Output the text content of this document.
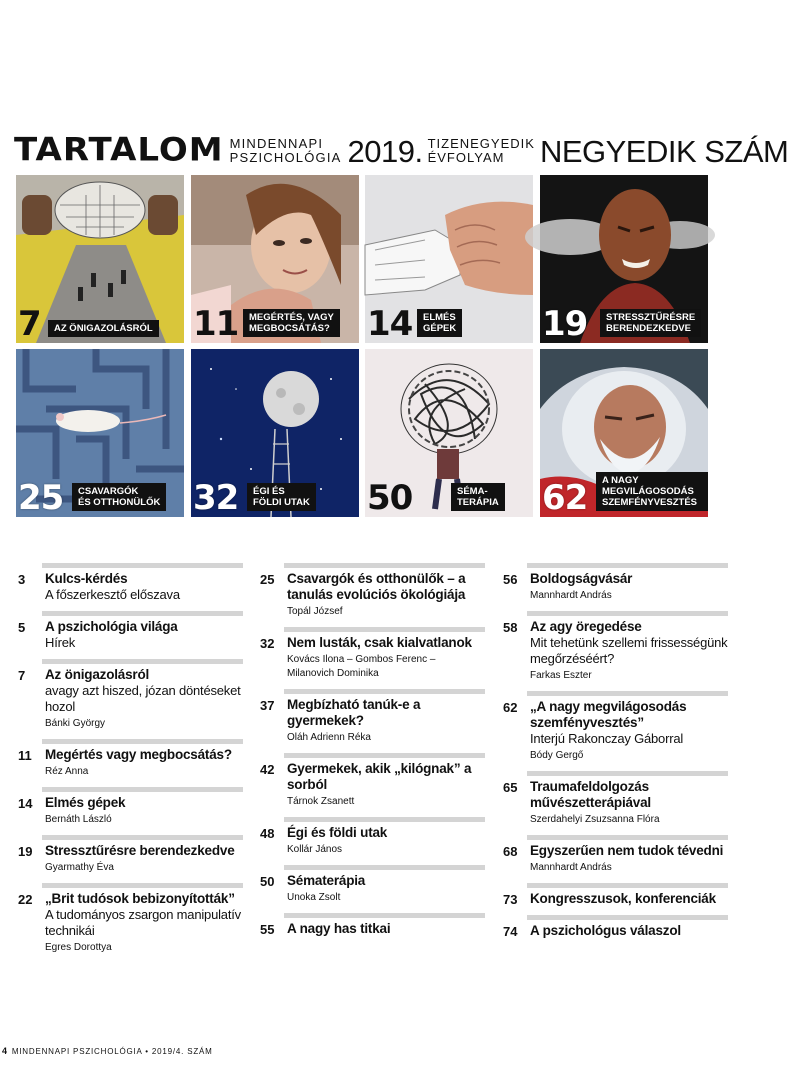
TARTALOM MINDENNAPI
PSZICHOLÓGIA 2019. TIZENEGYEDIK
ÉVFOLYAM	NEGYEDIK SZÁM
7	AZ ÖNIGAZOLÁSRÓL 11	MEGÉRTÉS, VAGY
MEGBOCSÁTÁS? 14	ELMÉS
GÉPEK	19	STRESSZTŰRÉSRE
BERENDEZKEDVE
25	CSAVARGÓK
ÉS OTTHONÜLŐK 32	ÉGI ÉS
FÖLDI UTAK 50	SÉMA-
TERÁPIA 62	A NAGY MEGVILÁGOSODÁS
SZEMFÉNYVESZTÉS
3 Kulcs-kérdés
A főszerkesztő előszava
5 A pszichológia világa
Hírek
7 Az önigazolásról
avagy azt hiszed, józan döntéseket hozol
Bánki György
11 Megértés vagy megbocsátás?
Réz Anna
14 Elmés gépek
Bernáth László
19 Stressztűrésre berendezkedve
Gyarmathy Éva
22 „Brit tudósok bebizonyították”
A tudományos zsargon manipulatív technikái
Egres Dorottya
25 Csavargók és otthonülők – a tanulás evolúciós ökológiája
Topál József
32 Nem lusták, csak kialvatlanok
Kovács Ilona – Gombos Ferenc – Milanovich Dominika
37 Megbízható tanúk-e a gyermekek?
Oláh Adrienn Réka
42 Gyermekek, akik „kilógnak” a sorból
Tárnok Zsanett
48 Égi és földi utak
Kollár János
50 Sématerápia
Unoka Zsolt
55 A nagy has titkai
56 Boldogságvásár
Mannhardt András
58 Az agy öregedése
Mit tehetünk szellemi frissességünk megőrzéséért?
Farkas Eszter
62 „A nagy megvilágosodás szemfényvesztés”
Interjú Rakonczay Gáborral
Bódy Gergő
65 Traumafeldolgozás művészetterápiával
Szerdahelyi Zsuzsanna Flóra
68 Egyszerűen nem tudok tévedni
Mannhardt András
73 Kongresszusok, konferenciák
74 A pszichológus válaszol
4 MINDENNAPI PSZICHOLÓGIA • 2019/4. SZÁM
